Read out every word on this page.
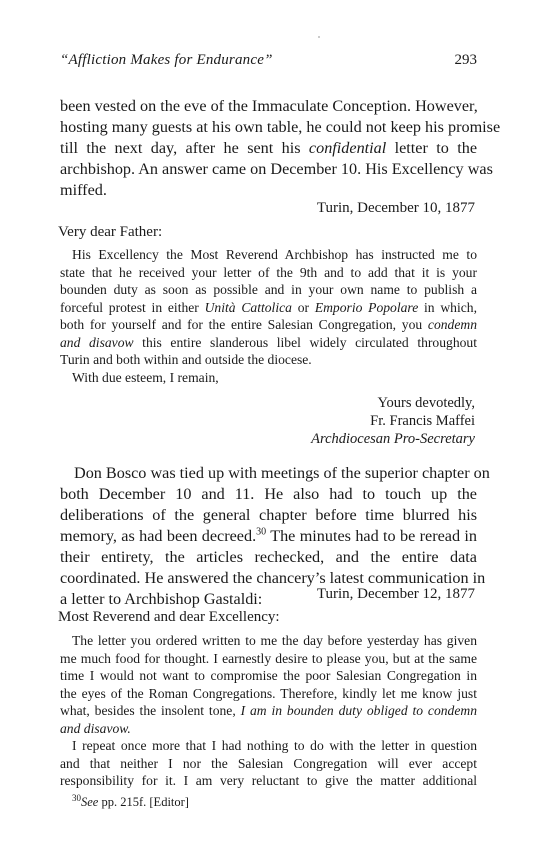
“Affliction Makes for Endurance”	293
been vested on the eve of the Immaculate Conception. However,
hosting many guests at his own table, he could not keep his promise
till the next day, after he sent his confidential letter to the
archbishop. An answer came on December 10. His Excellency was
miffed.
Turin, December 10, 1877
Very dear Father:
His Excellency the Most Reverend Archbishop has instructed me to
state that he received your letter of the 9th and to add that it is your
bounden duty as soon as possible and in your own name to publish a
forceful protest in either Unità Cattolica or Emporio Popolare in which,
both for yourself and for the entire Salesian Congregation, you condemn
and disavow this entire slanderous libel widely circulated throughout
Turin and both within and outside the diocese.
With due esteem, I remain,
Yours devotedly,
Fr. Francis Maffei
Archdiocesan Pro-Secretary
Don Bosco was tied up with meetings of the superior chapter on
both December 10 and 11. He also had to touch up the
deliberations of the general chapter before time blurred his
memory, as had been decreed.$^{30}$ The minutes had to be reread in
their entirety, the articles rechecked, and the entire data
coordinated. He answered the chancery’s latest communication in
a letter to Archbishop Gastaldi:	Turin, December 12, 1877
Most Reverend and dear Excellency:
The letter you ordered written to me the day before yesterday has given
me much food for thought. I earnestly desire to please you, but at the same
time I would not want to compromise the poor Salesian Congregation in
the eyes of the Roman Congregations. Therefore, kindly let me know just
what, besides the insolent tone, I am in bounden duty obliged to condemn
and disavow.
I repeat once more that I had nothing to do with the letter in question
and that neither I nor the Salesian Congregation will ever accept
responsibility for it. I am very reluctant to give the matter additional
$^{30}$See pp. 215f. [Editor]
